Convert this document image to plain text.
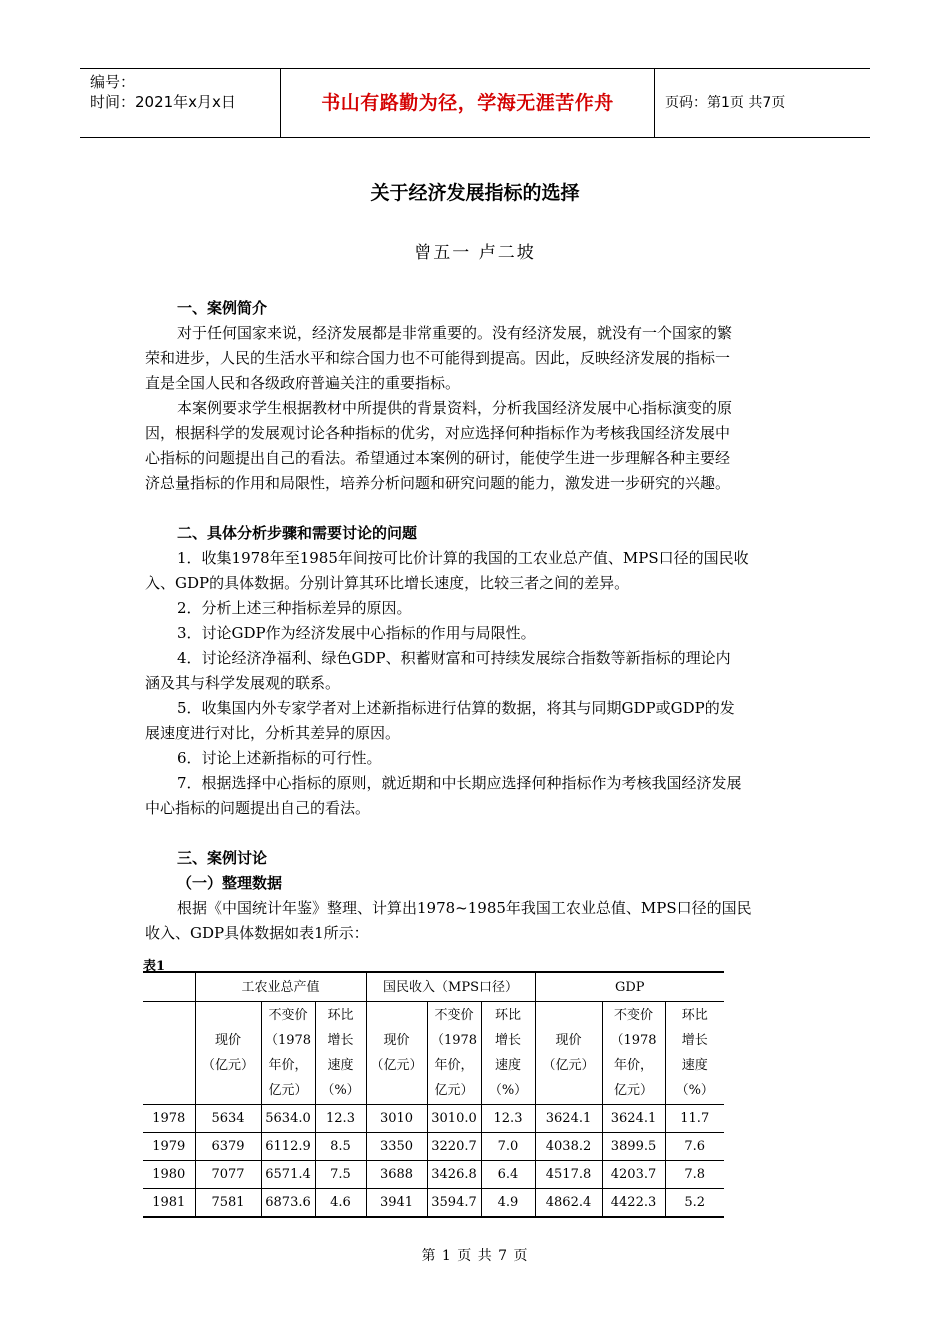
编号：
时间：2021年x月x日	书山有路勤为径，学海无涯苦作舟	页码：第1页 共7页
关于经济发展指标的选择
曾五一 卢二坡
一、案例简介

对于任何国家来说，经济发展都是非常重要的。没有经济发展，就没有一个国家的繁

荣和进步，人民的生活水平和综合国力也不可能得到提高。因此，反映经济发展的指标一

直是全国人民和各级政府普遍关注的重要指标。

本案例要求学生根据教材中所提供的背景资料，分析我国经济发展中心指标演变的原

因，根据科学的发展观讨论各种指标的优劣，对应选择何种指标作为考核我国经济发展中

心指标的问题提出自己的看法。希望通过本案例的研讨，能使学生进一步理解各种主要经

济总量指标的作用和局限性，培养分析问题和研究问题的能力，激发进一步研究的兴趣。

二、具体分析步骤和需要讨论的问题

1．收集1978年至1985年间按可比价计算的我国的工农业总产值、MPS口径的国民收

入、GDP的具体数据。分别计算其环比增长速度，比较三者之间的差异。

2．分析上述三种指标差异的原因。

3．讨论GDP作为经济发展中心指标的作用与局限性。

4．讨论经济净福利、绿色GDP、积蓄财富和可持续发展综合指数等新指标的理论内

涵及其与科学发展观的联系。

5．收集国内外专家学者对上述新指标进行估算的数据，将其与同期GDP或GDP的发

展速度进行对比，分析其差异的原因。

6．讨论上述新指标的可行性。

7．根据选择中心指标的原则，就近期和中长期应选择何种指标作为考核我国经济发展

中心指标的问题提出自己的看法。

三、案例讨论
（一）整理数据

根据《中国统计年鉴》整理、计算出1978~1985年我国工农业总值、MPS口径的国民

收入、GDP具体数据如表1所示：

表1
	工农业总产值			国民收入（MPS口径）			GDP		

	现价
（亿元）	不变价
（1978
年价，
亿元）	环比
增长
速度
（%）	现价
（亿元）	不变价
（1978
年价，
亿元）	环比
增长
速度
（%）	现价
（亿元）	不变价
（1978
年价，
亿元）	环比
增长
速度
（%）

1978	5634	5634.0	12.3	3010	3010.0	12.3	3624.1	3624.1	11.7
1979	6379	6112.9	8.5	3350	3220.7	7.0	4038.2	3899.5	7.6
1980	7077	6571.4	7.5	3688	3426.8	6.4	4517.8	4203.7	7.8
1981	7581	6873.6	4.6	3941	3594.7	4.9	4862.4	4422.3	5.2
第 1 页 共 7 页
